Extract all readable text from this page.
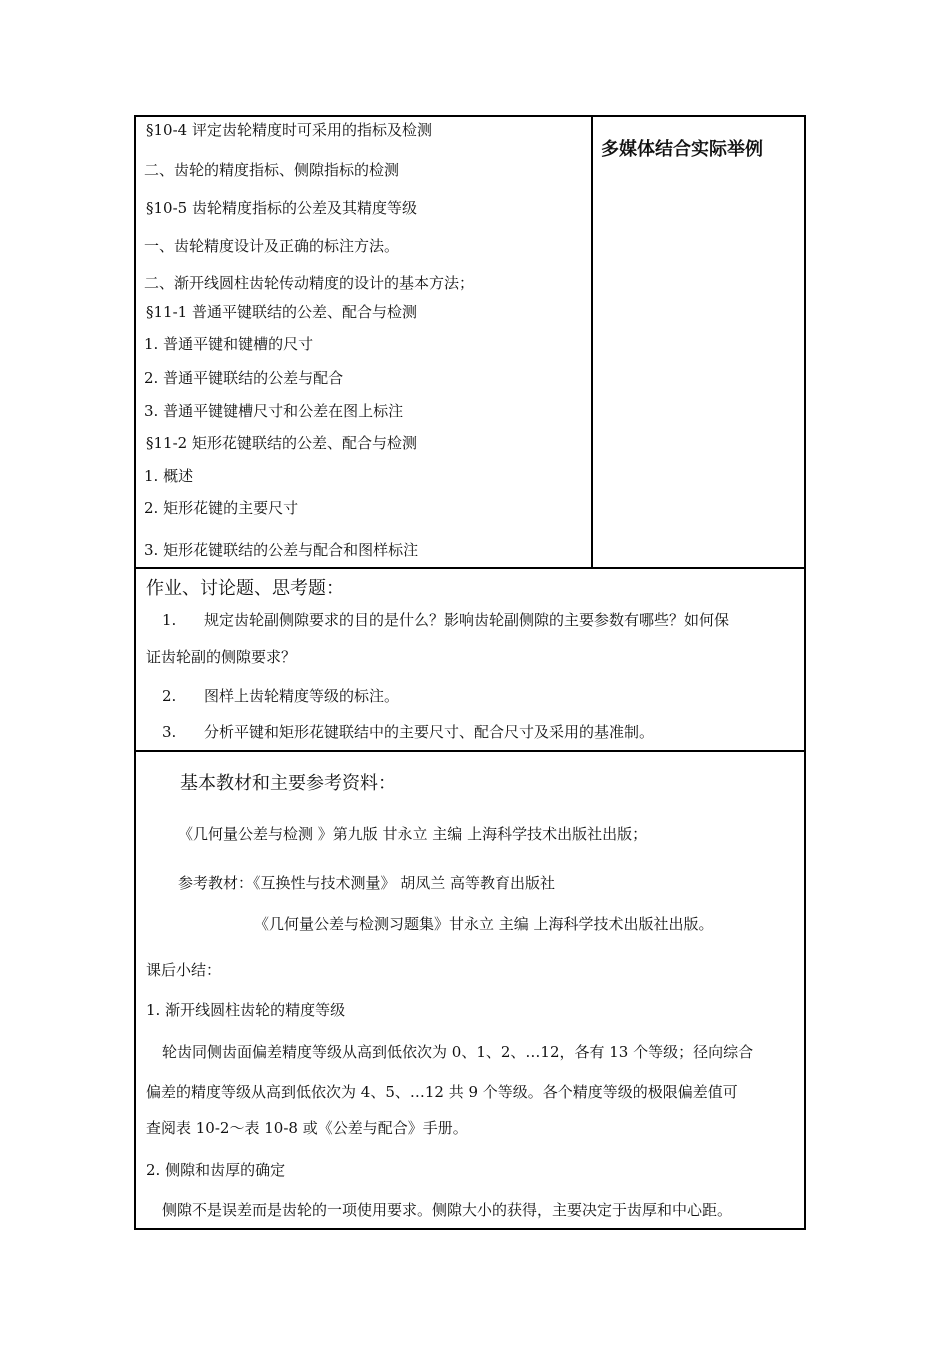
§10-4 评定齿轮精度时可采用的指标及检测
二、齿轮的精度指标、侧隙指标的检测
§10-5 齿轮精度指标的公差及其精度等级
一、齿轮精度设计及正确的标注方法。
二、渐开线圆柱齿轮传动精度的设计的基本方法；
§11-1 普通平键联结的公差、配合与检测
1. 普通平键和键槽的尺寸
2. 普通平键联结的公差与配合
3. 普通平键键槽尺寸和公差在图上标注
§11-2 矩形花键联结的公差、配合与检测
1. 概述
2. 矩形花键的主要尺寸
3. 矩形花键联结的公差与配合和图样标注
多媒体结合实际举例
作业、讨论题、思考题：
1. 规定齿轮副侧隙要求的目的是什么？影响齿轮副侧隙的主要参数有哪些？如何保
证齿轮副的侧隙要求？
2. 图样上齿轮精度等级的标注。
3. 分析平键和矩形花键联结中的主要尺寸、配合尺寸及采用的基准制。
基本教材和主要参考资料：
《几何量公差与检测 》第九版 甘永立 主编 上海科学技术出版社出版；
参考教材：《互换性与技术测量》 胡凤兰 高等教育出版社
《几何量公差与检测习题集》甘永立 主编 上海科学技术出版社出版。
课后小结：
1. 渐开线圆柱齿轮的精度等级
轮齿同侧齿面偏差精度等级从高到低依次为 0、1、2、…12，各有 13 个等级；径向综合
偏差的精度等级从高到低依次为 4、5、…12 共 9 个等级。各个精度等级的极限偏差值可
查阅表 10-2～表 10-8 或《公差与配合》手册。
2. 侧隙和齿厚的确定
侧隙不是误差而是齿轮的一项使用要求。侧隙大小的获得，主要决定于齿厚和中心距。
